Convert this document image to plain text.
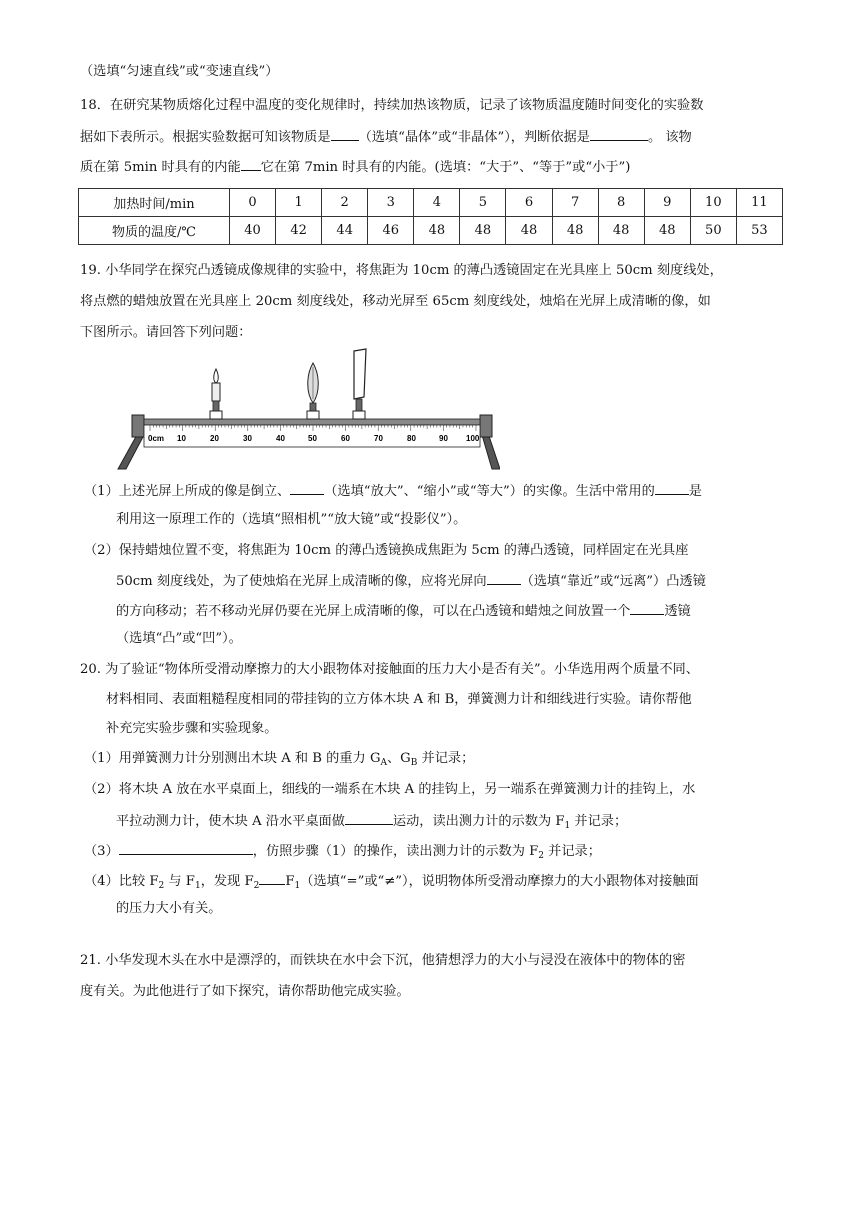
（选填“匀速直线”或“变速直线”）
18．在研究某物质熔化过程中温度的变化规律时，持续加热该物质，记录了该物质温度随时间变化的实验数
据如下表所示。根据实验数据可知该物质是 （选填“晶体”或“非晶体”），判断依据是	。 该物
质在第 5min 时具有的内能 它在第 7min 时具有的内能。(选填：“大于”、“等于”或“小于”)
加热时间/min	0	1	2	3	4	5	6	7	8	9	10	11
物质的温度/℃	40	42	44	46	48	48	48	48	48	48	50	53
19. 小华同学在探究凸透镜成像规律的实验中，将焦距为 10cm 的薄凸透镜固定在光具座上 50cm 刻度线处，
将点燃的蜡烛放置在光具座上 20cm 刻度线处，移动光屏至 65cm 刻度线处，烛焰在光屏上成清晰的像，如
下图所示。请回答下列问题：
0cm 10	20	30	40	50	60	70	80	90 100
（1）上述光屏上所成的像是倒立、	（选填“放大”、“缩小”或“等大”）的实像。生活中常用的	是
利用这一原理工作的（选填“照相机”“放大镜”或“投影仪”）。
（2）保持蜡烛位置不变，将焦距为 10cm 的薄凸透镜换成焦距为 5cm 的薄凸透镜，同样固定在光具座
50cm 刻度线处，为了使烛焰在光屏上成清晰的像，应将光屏向	（选填“靠近”或“远离”）凸透镜
的方向移动；若不移动光屏仍要在光屏上成清晰的像，可以在凸透镜和蜡烛之间放置一个	透镜
（选填“凸”或“凹”）。
20. 为了验证“物体所受滑动摩擦力的大小跟物体对接触面的压力大小是否有关”。小华选用两个质量不同、
材料相同、表面粗糙程度相同的带挂钩的立方体木块 A 和 B，弹簧测力计和细线进行实验。请你帮他
补充完实验步骤和实验现象。
（1）用弹簧测力计分别测出木块 A 和 B 的重力 $G_A$、$G_B$ 并记录；
（2）将木块 A 放在水平桌面上，细线的一端系在木块 A 的挂钩上，另一端系在弹簧测力计的挂钩上，水
平拉动测力计，使木块 A 沿水平桌面做	运动，读出测力计的示数为 $F_1$ 并记录；
（3）	，仿照步骤（1）的操作，读出测力计的示数为 $F_2$ 并记录；
（4）比较 $F_2$ 与 $F_1$，发现 $F_2$ $F_1$（选填“=”或“≠”），说明物体所受滑动摩擦力的大小跟物体对接触面
的压力大小有关。
21. 小华发现木头在水中是漂浮的，而铁块在水中会下沉，他猜想浮力的大小与浸没在液体中的物体的密
度有关。为此他进行了如下探究，请你帮助他完成实验。
